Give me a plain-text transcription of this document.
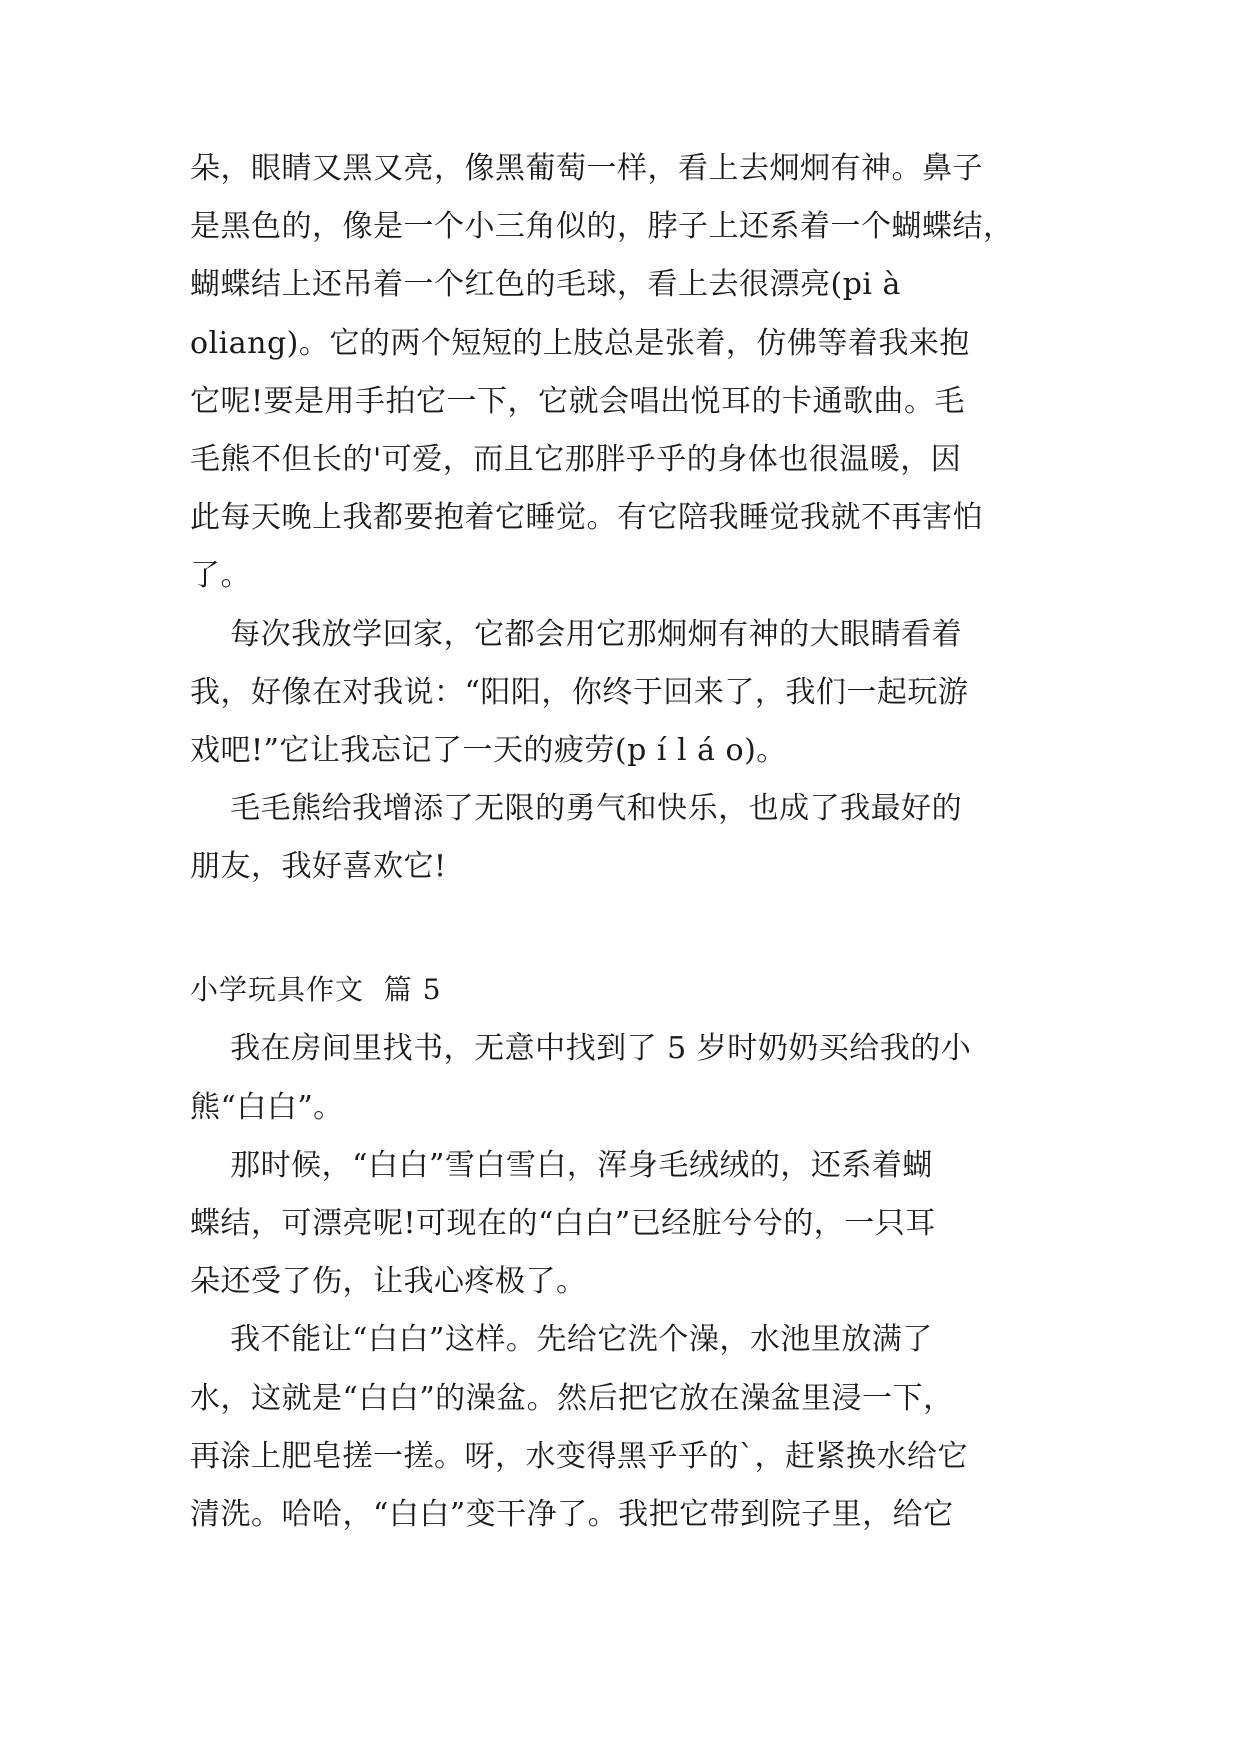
朵，眼睛又黑又亮，像黑葡萄一样，看上去炯炯有神。鼻子
是黑色的，像是一个小三角似的，脖子上还系着一个蝴蝶结，
蝴蝶结上还吊着一个红色的毛球，看上去很漂亮(pi à
oliang)。它的两个短短的上肢总是张着，仿佛等着我来抱
它呢!要是用手拍它一下，它就会唱出悦耳的卡通歌曲。毛
毛熊不但长的'可爱，而且它那胖乎乎的身体也很温暖，因
此每天晚上我都要抱着它睡觉。有它陪我睡觉我就不再害怕
了。
每次我放学回家，它都会用它那炯炯有神的大眼睛看着
我，好像在对我说：“阳阳，你终于回来了，我们一起玩游
戏吧!”它让我忘记了一天的疲劳(p í l á o)。
毛毛熊给我增添了无限的勇气和快乐，也成了我最好的
朋友，我好喜欢它!
小学玩具作文  篇 5
我在房间里找书，无意中找到了 5 岁时奶奶买给我的小
熊“白白”。
那时候，“白白”雪白雪白，浑身毛绒绒的，还系着蝴
蝶结，可漂亮呢!可现在的“白白”已经脏兮兮的，一只耳
朵还受了伤，让我心疼极了。
我不能让“白白”这样。先给它洗个澡，水池里放满了
水，这就是“白白”的澡盆。然后把它放在澡盆里浸一下，
再涂上肥皂搓一搓。呀，水变得黑乎乎的`，赶紧换水给它
清洗。哈哈，“白白”变干净了。我把它带到院子里，给它
